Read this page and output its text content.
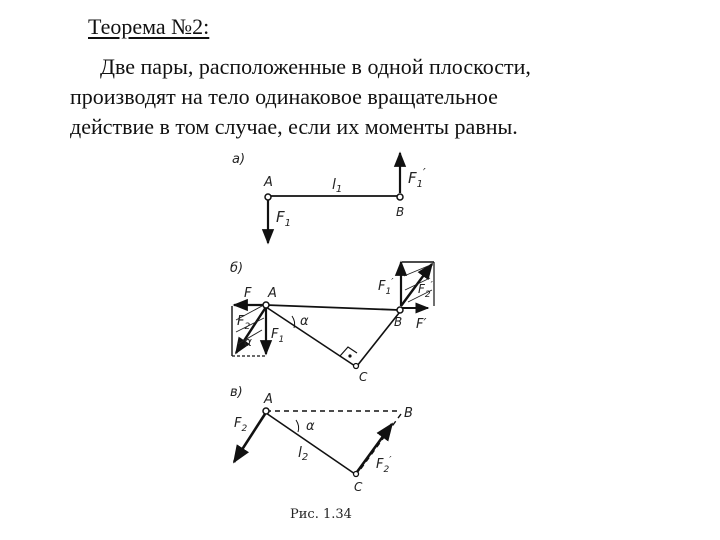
Теорема №2:
Две пары, расположенные в одной плоскости,
производят на тело одинаковое вращательное
действие в том случае, если их моменты равны.
а)
A
B
$l_1$
$F_1$
$F_1'$
б)
F A
B
C
F′
α
α $F_1$
$F_2$
$F_1'$ $F_2'$
в) A
B
C
α
$l_2$
$F_2$
$F_2'$
Рис. 1.34
